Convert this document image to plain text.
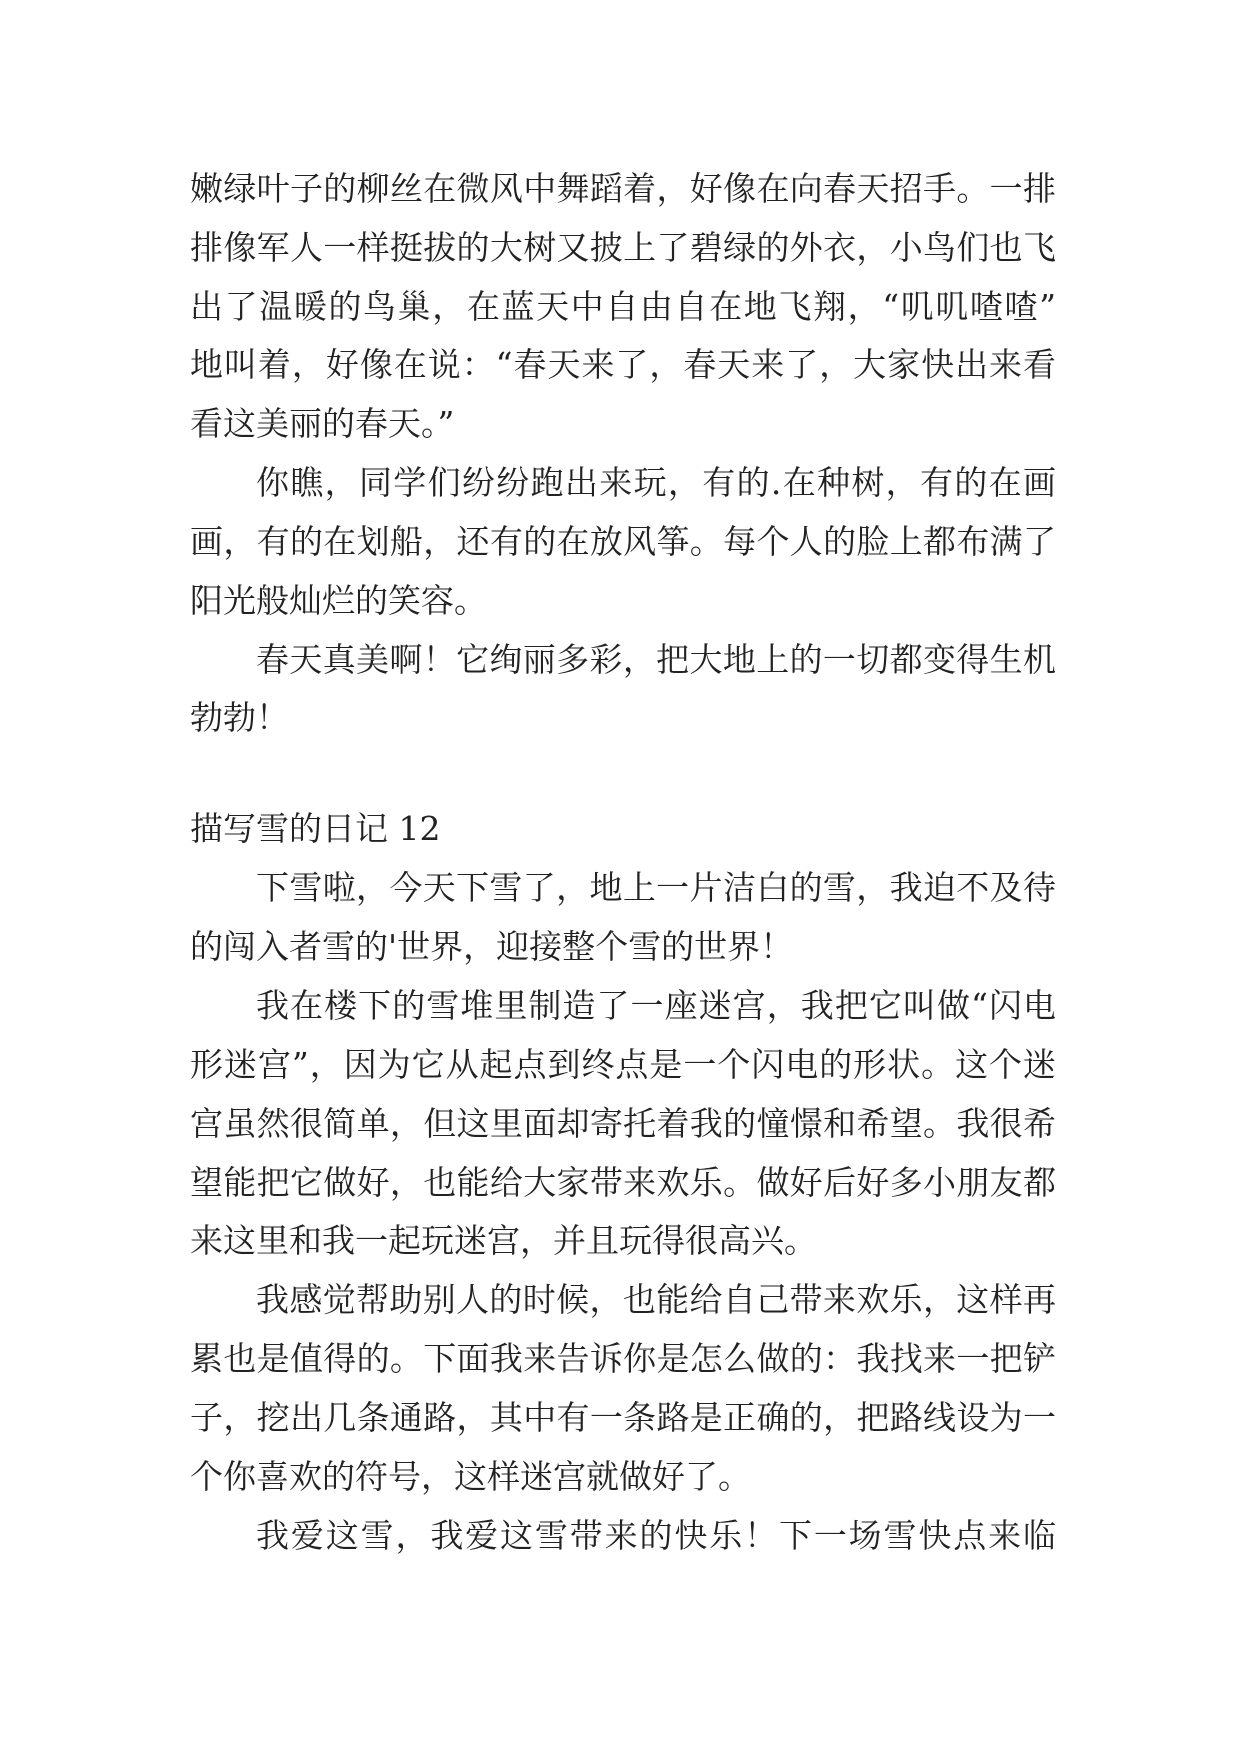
嫩绿叶子的柳丝在微风中舞蹈着，好像在向春天招手。一排
排像军人一样挺拔的大树又披上了碧绿的外衣，小鸟们也飞
出了温暖的鸟巢，在蓝天中自由自在地飞翔，“叽叽喳喳”
地叫着，好像在说：“春天来了，春天来了，大家快出来看
看这美丽的春天。”
你瞧，同学们纷纷跑出来玩，有的.在种树，有的在画
画，有的在划船，还有的在放风筝。每个人的脸上都布满了
阳光般灿烂的笑容。
春天真美啊！它绚丽多彩，把大地上的一切都变得生机
勃勃！
描写雪的日记 12
下雪啦，今天下雪了，地上一片洁白的雪，我迫不及待
的闯入者雪的'世界，迎接整个雪的世界！
我在楼下的雪堆里制造了一座迷宫，我把它叫做“闪电
形迷宫”，因为它从起点到终点是一个闪电的形状。这个迷
宫虽然很简单，但这里面却寄托着我的憧憬和希望。我很希
望能把它做好，也能给大家带来欢乐。做好后好多小朋友都
来这里和我一起玩迷宫，并且玩得很高兴。
我感觉帮助别人的时候，也能给自己带来欢乐，这样再
累也是值得的。下面我来告诉你是怎么做的：我找来一把铲
子，挖出几条通路，其中有一条路是正确的，把路线设为一
个你喜欢的符号，这样迷宫就做好了。
我爱这雪，我爱这雪带来的快乐！下一场雪快点来临
